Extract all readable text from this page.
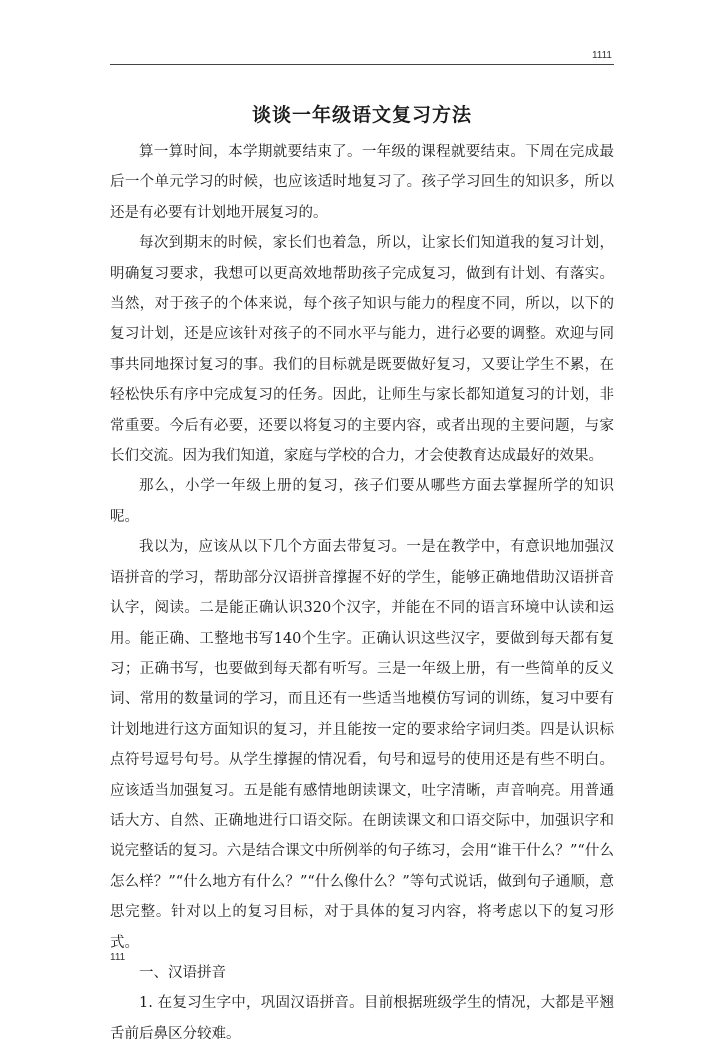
1111
谈谈一年级语文复习方法

算一算时间，本学期就要结束了。一年级的课程就要结束。下周在完成最后一个单元学习的时候，也应该适时地复习了。孩子学习回生的知识多，所以还是有必要有计划地开展复习的。

每次到期末的时候，家长们也着急，所以，让家长们知道我的复习计划，明确复习要求，我想可以更高效地帮助孩子完成复习，做到有计划、有落实。当然，对于孩子的个体来说，每个孩子知识与能力的程度不同，所以，以下的复习计划，还是应该针对孩子的不同水平与能力，进行必要的调整。欢迎与同事共同地探讨复习的事。我们的目标就是既要做好复习，又要让学生不累，在轻松快乐有序中完成复习的任务。因此，让师生与家长都知道复习的计划，非常重要。今后有必要，还要以将复习的主要内容，或者出现的主要问题，与家长们交流。因为我们知道，家庭与学校的合力，才会使教育达成最好的效果。

那么，小学一年级上册的复习，孩子们要从哪些方面去掌握所学的知识呢。

我以为，应该从以下几个方面去带复习。一是在教学中，有意识地加强汉语拼音的学习，帮助部分汉语拼音撑握不好的学生，能够正确地借助汉语拼音认字，阅读。二是能正确认识320个汉字，并能在不同的语言环境中认读和运用。能正确、工整地书写140个生字。正确认识这些汉字，要做到每天都有复习；正确书写，也要做到每天都有听写。三是一年级上册，有一些简单的反义词、常用的数量词的学习，而且还有一些适当地模仿写词的训练，复习中要有计划地进行这方面知识的复习，并且能按一定的要求给字词归类。四是认识标点符号逗号句号。从学生撑握的情况看，句号和逗号的使用还是有些不明白。应该适当加强复习。五是能有感情地朗读课文，吐字清晰，声音响亮。用普通话大方、自然、正确地进行口语交际。在朗读课文和口语交际中，加强识字和说完整话的复习。六是结合课文中所例举的句子练习，会用“谁干什么？”“什么怎么样？”“什么地方有什么？”“什么像什么？”等句式说话，做到句子通顺，意思完整。针对以上的复习目标，对于具体的复习内容，将考虑以下的复习形式。

一、汉语拼音

1. 在复习生字中，巩固汉语拼音。目前根据班级学生的情况，大都是平翘舌前后鼻区分较难。

111
